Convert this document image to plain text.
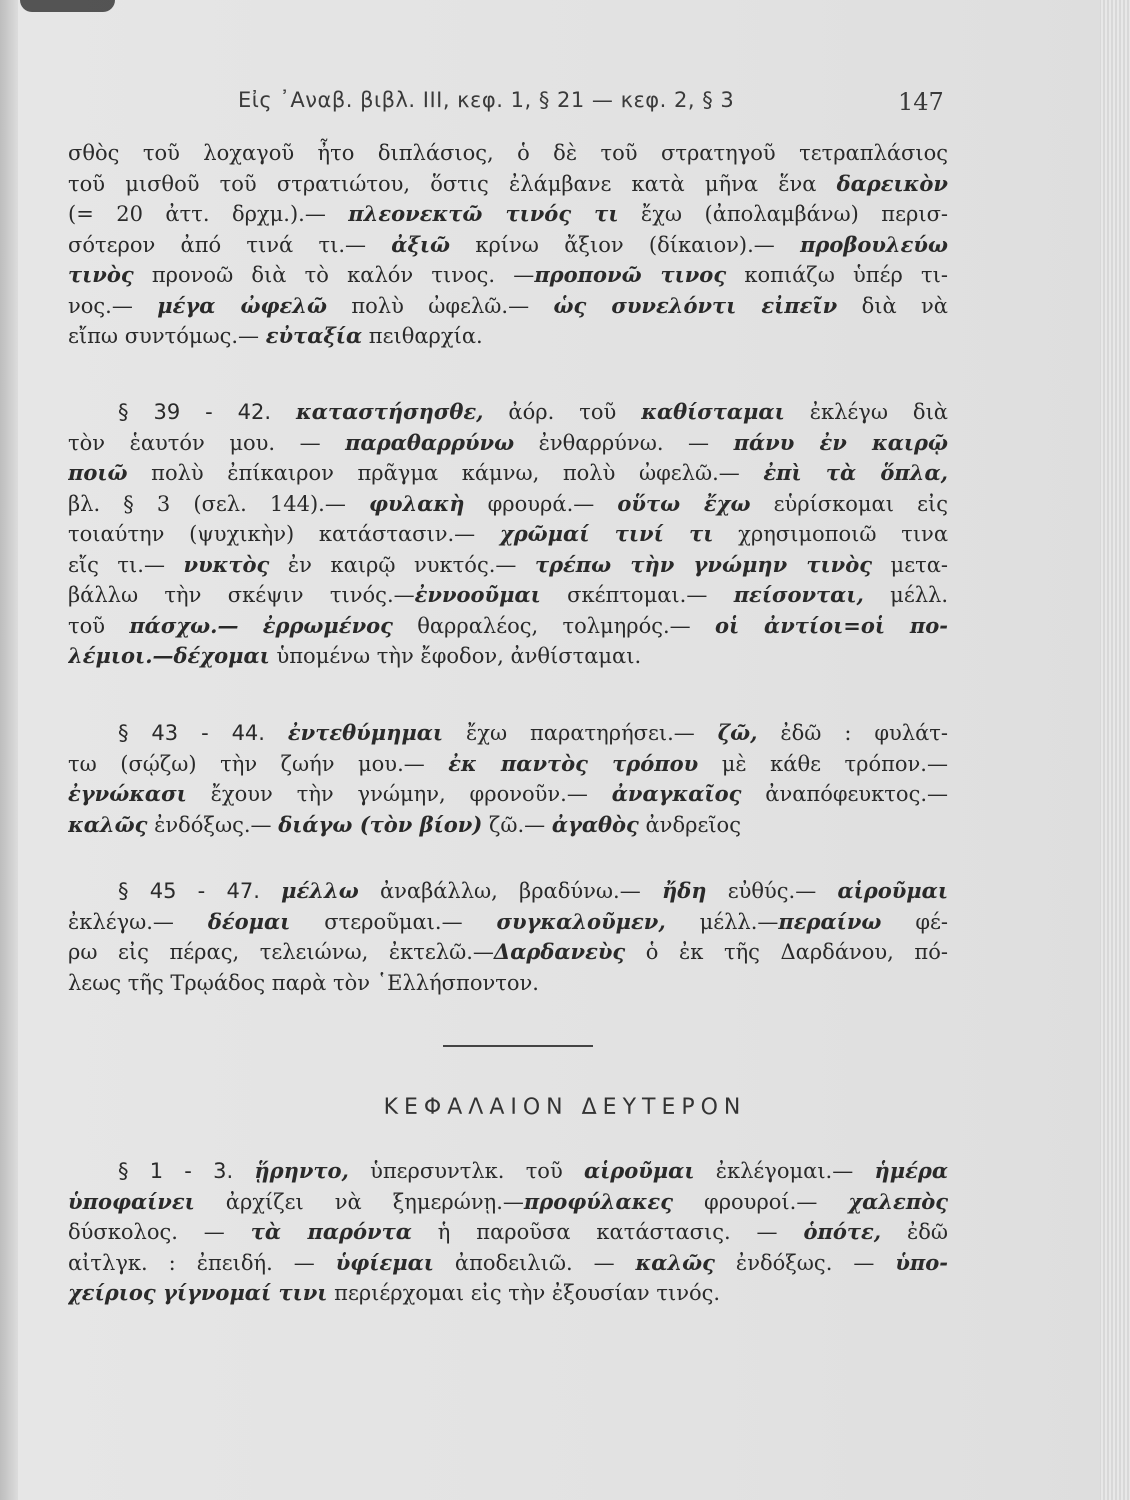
Εἰς ᾿Αναβ. βιβλ. ΙΙΙ, κεφ. 1, § 21 — κεφ. 2, § 3	147
σθὸς τοῦ λοχαγοῦ ἦτο διπλάσιος, ὁ δὲ τοῦ στρατηγοῦ τετραπλάσιος
τοῦ μισθοῦ τοῦ στρατιώτου, ὅστις ἐλάμβανε κατὰ μῆνα ἕνα δαρεικὸν
(= 20 ἀττ. δρχμ.).— πλεονεκτῶ τινός τι ἔχω (ἀπολαμβάνω) περισ-
σότερον ἀπό τινά τι.— ἀξιῶ κρίνω ἄξιον (δίκαιον).— προβουλεύω
τινὸς προνοῶ διὰ τὸ καλόν τινος. —προπονῶ τινος κοπιάζω ὑπέρ τι-
νος.— μέγα ὠφελῶ πολὺ ὠφελῶ.— ὡς συνελόντι εἰπεῖν διὰ νὰ
εἴπω συντόμως.— εὐταξία πειθαρχία.
§ 39 - 42. καταστήσησθε, ἀόρ. τοῦ καθίσταμαι ἐκλέγω διὰ
τὸν ἑαυτόν μου. — παραθαρρύνω ἐνθαρρύνω. — πάνυ ἐν καιρῷ
ποιῶ πολὺ ἐπίκαιρον πρᾶγμα κάμνω, πολὺ ὠφελῶ.— ἐπὶ τὰ ὅπλα,
βλ. § 3 (σελ. 144).— φυλακὴ φρουρά.— οὕτω ἔχω εὑρίσκομαι εἰς
τοιαύτην (ψυχικὴν) κατάστασιν.— χρῶμαί τινί τι χρησιμοποιῶ τινα
εἴς τι.— νυκτὸς ἐν καιρῷ νυκτός.— τρέπω τὴν γνώμην τινὸς μετα-
βάλλω τὴν σκέψιν τινός.—ἐννοοῦμαι σκέπτομαι.— πείσονται, μέλλ.
τοῦ πάσχω.— ἐρρωμένος θαρραλέος, τολμηρός.— οἱ ἀντίοι=οἱ πο-
λέμιοι.—δέχομαι ὑπομένω τὴν ἔφοδον, ἀνθίσταμαι.
§ 43 - 44. ἐντεθύμημαι ἔχω παρατηρήσει.— ζῶ, ἐδῶ : φυλάτ-
τω (σῴζω) τὴν ζωήν μου.— ἐκ παντὸς τρόπου μὲ κάθε τρόπον.—
ἐγνώκασι ἔχουν τὴν γνώμην, φρονοῦν.— ἀναγκαῖος ἀναπόφευκτος.—
καλῶς ἐνδόξως.— διάγω (τὸν βίον) ζῶ.— ἀγαθὸς ἀνδρεῖος
§ 45 - 47. μέλλω ἀναβάλλω, βραδύνω.— ἤδη εὐθύς.— αἱροῦμαι
ἐκλέγω.— δέομαι στεροῦμαι.— συγκαλοῦμεν, μέλλ.—περαίνω φέ-
ρω εἰς πέρας, τελειώνω, ἐκτελῶ.—Δαρδανεὺς ὁ ἐκ τῆς Δαρδάνου, πό-
λεως τῆς Τρῳάδος παρὰ τὸν ῾Ελλήσποντον.
ΚΕΦΑΛΑΙΟΝ ΔΕΥΤΕΡΟΝ
§ 1 - 3. ᾕρηντο, ὑπερσυντλκ. τοῦ αἱροῦμαι ἐκλέγομαι.— ἡμέρα
ὑποφαίνει ἀρχίζει νὰ ξημερώνῃ.—προφύλακες φρουροί.— χαλεπὸς
δύσκολος. — τὰ παρόντα ἡ παροῦσα κατάστασις. — ὁπότε, ἐδῶ
αἰτλγκ. : ἐπειδή. — ὑφίεμαι ἀποδειλιῶ. — καλῶς ἐνδόξως. — ὑπο-
χείριος γίγνομαί τινι περιέρχομαι εἰς τὴν ἐξουσίαν τινός.
